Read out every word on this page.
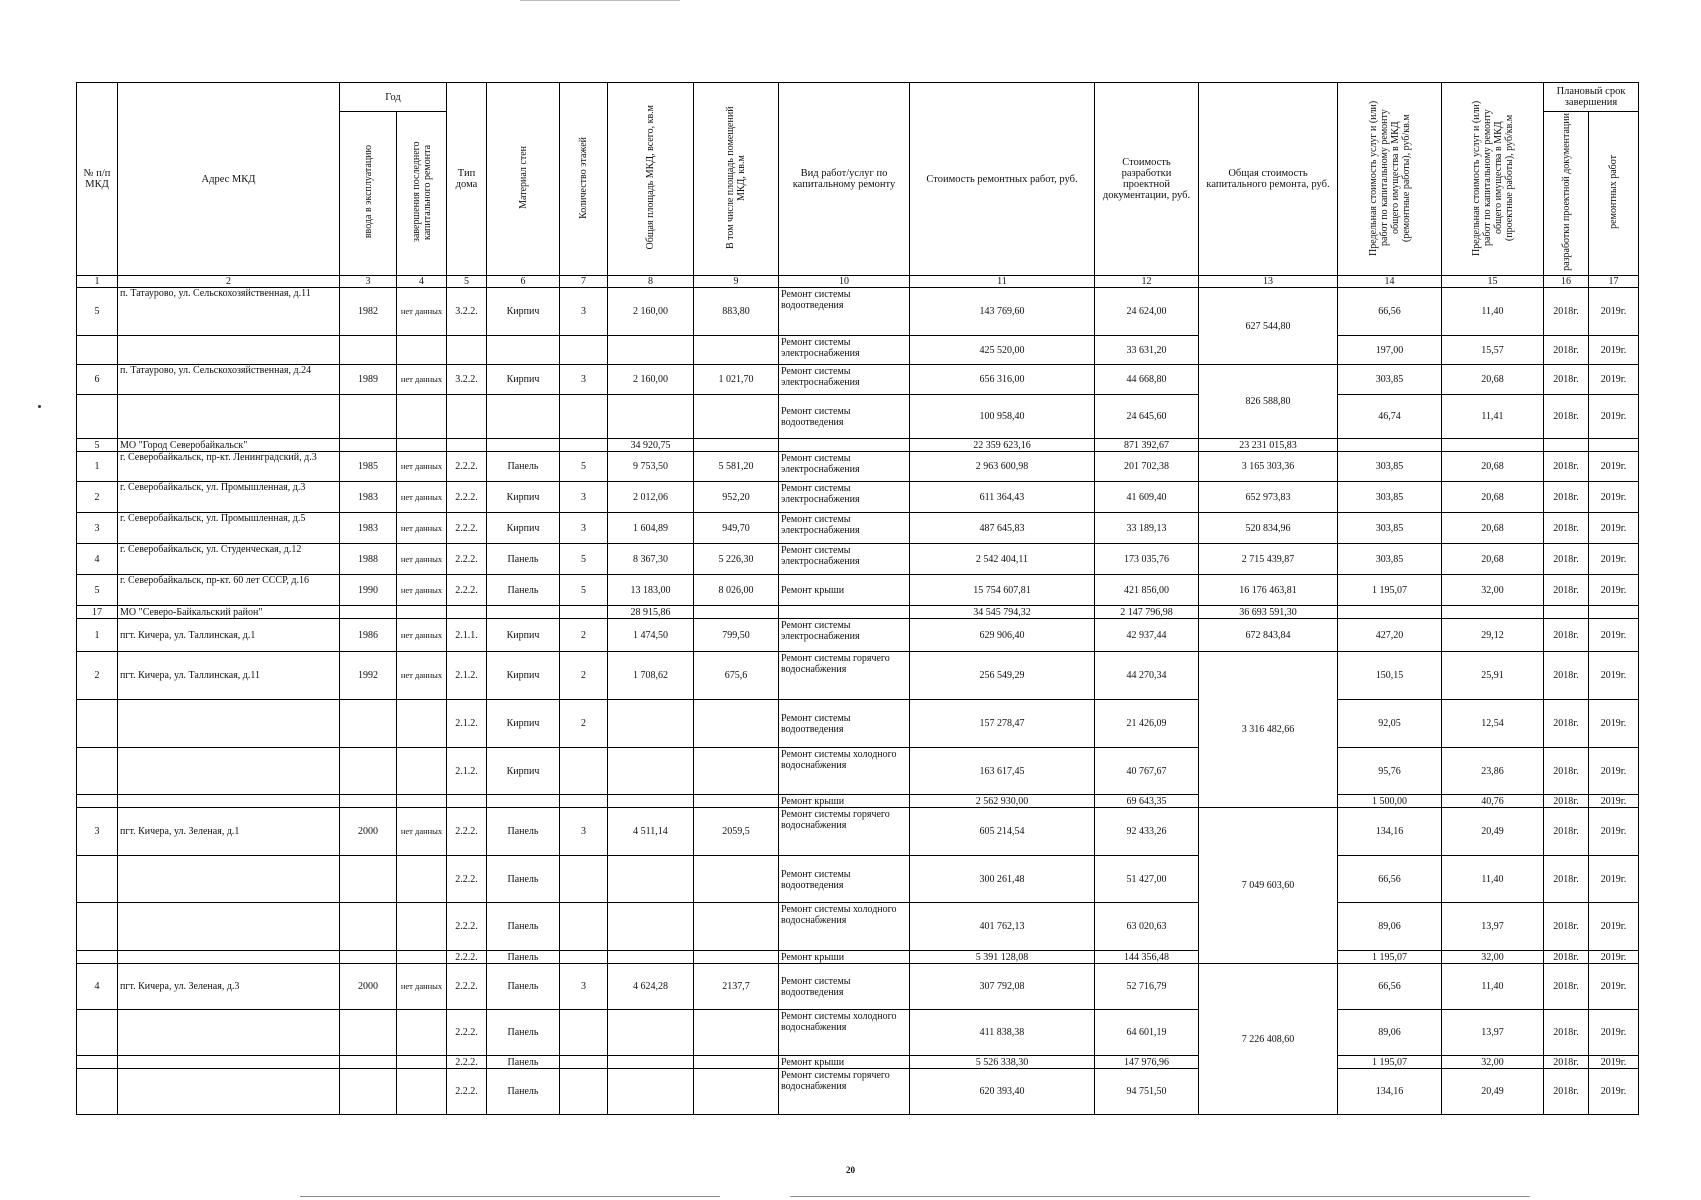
№ п/п МКД	Адрес МКД	Год		Тип дома	Материал стен	Количество этажей	Общая площадь МКД, всего, кв.м	В том числе площадь помещений МКД, кв.м	Вид работ/услуг по капитальному ремонту	Стоимость ремонтных работ, руб.	Стоимость разработки проектной документации, руб.	Общая стоимость капитального ремонта, руб.	Предельная стоимость услуг и (или) работ по капитальному ремонту общего имущества в МКД (ремонтные работы), руб/кв.м	Предельная стоимость услуг и (или) работ по капитальному ремонту общего имущества в МКД (проектные работы), руб/кв.м	Плановый срок завершения	
		ввода в эксплуатацию	завершения последнего капитального ремонта												разработки проектной документации	ремонтных работ
1	2	3	4	5	6	7	8	9	10	11	12	13	14	15	16	17
5	п. Татаурово, ул. Сельскохозяйственная, д.11	1982	нет данных	3.2.2.	Кирпич	3	2 160,00	883,80	Ремонт системы водоотведения	143 769,60	24 624,00	627 544,80	66,56	11,40	2018г.	2019г.
									Ремонт системы электроснабжения	425 520,00	33 631,20		197,00	15,57	2018г.	2019г.
6	п. Татаурово, ул. Сельскохозяйственная, д.24	1989	нет данных	3.2.2.	Кирпич	3	2 160,00	1 021,70	Ремонт системы электроснабжения	656 316,00	44 668,80	826 588,80	303,85	20,68	2018г.	2019г.
									Ремонт системы водоотведения	100 958,40	24 645,60		46,74	11,41	2018г.	2019г.
5	МО "Город Северобайкальск"						34 920,75			22 359 623,16	871 392,67	23 231 015,83				
1	г. Северобайкальск, пр-кт. Ленинградский, д.3	1985	нет данных	2.2.2.	Панель	5	9 753,50	5 581,20	Ремонт системы электроснабжения	2 963 600,98	201 702,38	3 165 303,36	303,85	20,68	2018г.	2019г.
2	г. Северобайкальск, ул. Промышленная, д.3	1983	нет данных	2.2.2.	Кирпич	3	2 012,06	952,20	Ремонт системы электроснабжения	611 364,43	41 609,40	652 973,83	303,85	20,68	2018г.	2019г.
3	г. Северобайкальск, ул. Промышленная, д.5	1983	нет данных	2.2.2.	Кирпич	3	1 604,89	949,70	Ремонт системы электроснабжения	487 645,83	33 189,13	520 834,96	303,85	20,68	2018г.	2019г.
4	г. Северобайкальск, ул. Студенческая, д.12	1988	нет данных	2.2.2.	Панель	5	8 367,30	5 226,30	Ремонт системы электроснабжения	2 542 404,11	173 035,76	2 715 439,87	303,85	20,68	2018г.	2019г.
5	г. Северобайкальск, пр-кт. 60 лет СССР, д.16	1990	нет данных	2.2.2.	Панель	5	13 183,00	8 026,00	Ремонт крыши	15 754 607,81	421 856,00	16 176 463,81	1 195,07	32,00	2018г.	2019г.
17	МО "Северо-Байкальский район"						28 915,86			34 545 794,32	2 147 796,98	36 693 591,30				
1	пгт. Кичера, ул. Таллинская, д.1	1986	нет данных	2.1.1.	Кирпич	2	1 474,50	799,50	Ремонт системы электроснабжения	629 906,40	42 937,44	672 843,84	427,20	29,12	2018г.	2019г.
2	пгт. Кичера, ул. Таллинская, д.11	1992	нет данных	2.1.2.	Кирпич	2	1 708,62	675,6	Ремонт системы горячего водоснабжения	256 549,29	44 270,34	3 316 482,66	150,15	25,91	2018г.	2019г.
				2.1.2.	Кирпич	2			Ремонт системы водоотведения	157 278,47	21 426,09		92,05	12,54	2018г.	2019г.
				2.1.2.	Кирпич				Ремонт системы холодного водоснабжения	163 617,45	40 767,67		95,76	23,86	2018г.	2019г.
									Ремонт крыши	2 562 930,00	69 643,35		1 500,00	40,76	2018г.	2019г.
3	пгт. Кичера, ул. Зеленая, д.1	2000	нет данных	2.2.2.	Панель	3	4 511,14	2059,5	Ремонт системы горячего водоснабжения	605 214,54	92 433,26	7 049 603,60	134,16	20,49	2018г.	2019г.
				2.2.2.	Панель				Ремонт системы водоотведения	300 261,48	51 427,00		66,56	11,40	2018г.	2019г.
				2.2.2.	Панель				Ремонт системы холодного водоснабжения	401 762,13	63 020,63		89,06	13,97	2018г.	2019г.
				2.2.2.	Панель				Ремонт крыши	5 391 128,08	144 356,48		1 195,07	32,00	2018г.	2019г.
4	пгт. Кичера, ул. Зеленая, д.3	2000	нет данных	2.2.2.	Панель	3	4 624,28	2137,7	Ремонт системы водоотведения	307 792,08	52 716,79	7 226 408,60	66,56	11,40	2018г.	2019г.
				2.2.2.	Панель				Ремонт системы холодного водоснабжения	411 838,38	64 601,19		89,06	13,97	2018г.	2019г.
				2.2.2.	Панель				Ремонт крыши	5 526 338,30	147 976,96		1 195,07	32,00	2018г.	2019г.
				2.2.2.	Панель				Ремонт системы горячего водоснабжения	620 393,40	94 751,50		134,16	20,49	2018г.	2019г.
20
